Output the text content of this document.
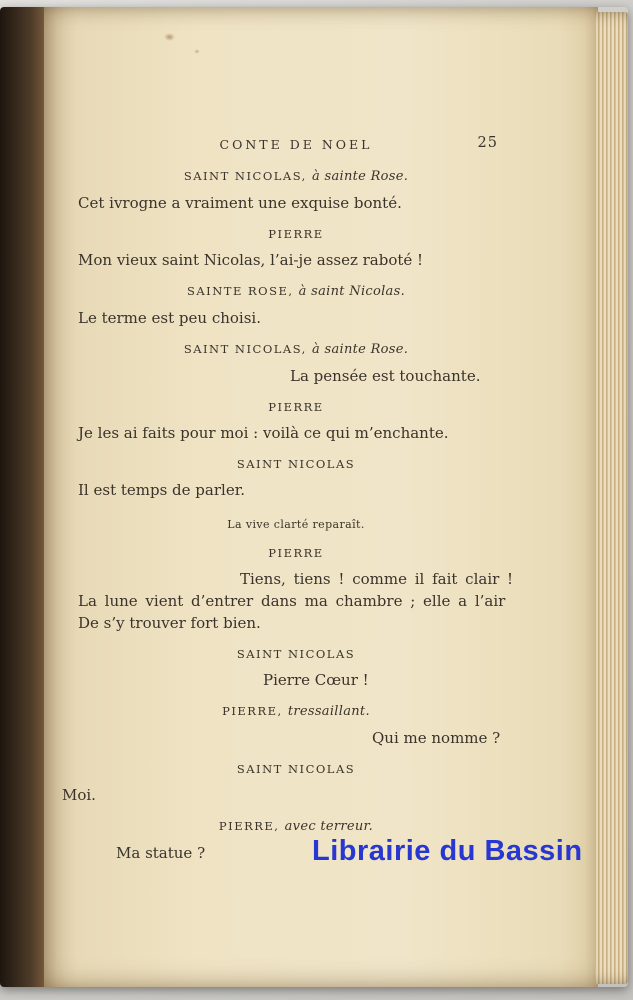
CONTE DE NOEL	25
SAINT NICOLAS, à sainte Rose.
Cet ivrogne a vraiment une exquise bonté.
PIERRE
Mon vieux saint Nicolas, l’ai-je assez raboté !
SAINTE ROSE, à saint Nicolas.
Le terme est peu choisi.
SAINT NICOLAS, à sainte Rose.
La pensée est touchante.
PIERRE
Je les ai faits pour moi : voilà ce qui m’enchante.
SAINT NICOLAS
Il est temps de parler.
La vive clarté reparaît.
PIERRE
Tiens, tiens ! comme il fait clair !
La lune vient d’entrer dans ma chambre ; elle a l’air
De s’y trouver fort bien.
SAINT NICOLAS
Pierre Cœur !
PIERRE, tressaillant.
Qui me nomme ?
SAINT NICOLAS
Moi.
PIERRE, avec terreur.
Ma statue ?	Librairie du Bassin
